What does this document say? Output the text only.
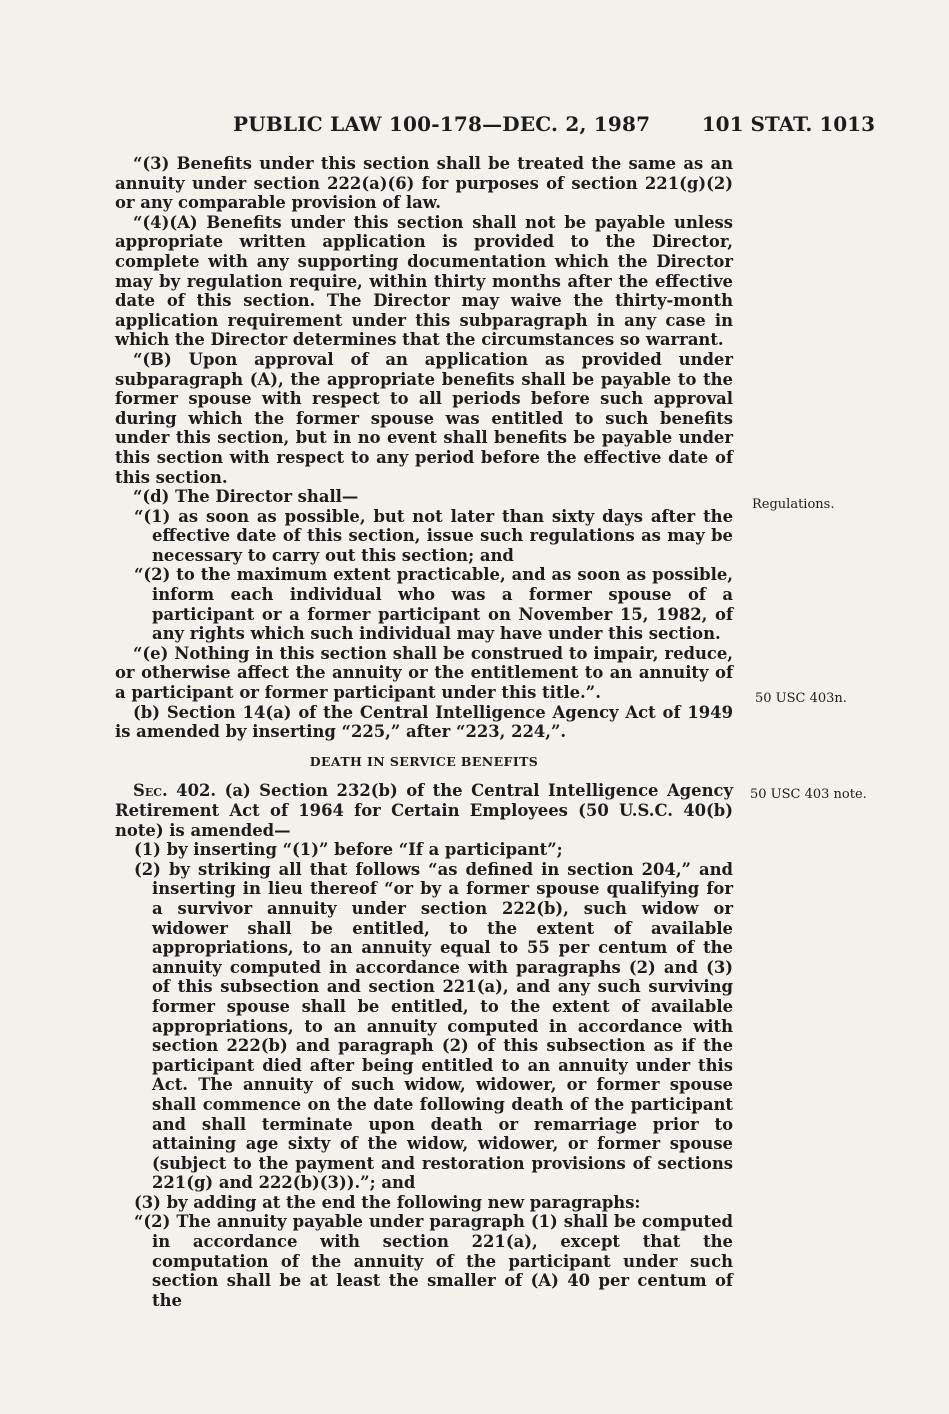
PUBLIC LAW 100-178—DEC. 2, 1987	101 STAT. 1013

“(3) Benefits under this section shall be treated the same as an annuity under section 222(a)(6) for purposes of section 221(g)(2) or any comparable provision of law.

“(4)(A) Benefits under this section shall not be payable unless appropriate written application is provided to the Director, complete with any supporting documentation which the Director may by regulation require, within thirty months after the effective date of this section. The Director may waive the thirty-month application requirement under this subparagraph in any case in which the Director determines that the circumstances so warrant.

“(B) Upon approval of an application as provided under subparagraph (A), the appropriate benefits shall be payable to the former spouse with respect to all periods before such approval during which the former spouse was entitled to such benefits under this section, but in no event shall benefits be payable under this section with respect to any period before the effective date of this section.

“(d) The Director shall—

“(1) as soon as possible, but not later than sixty days after the effective date of this section, issue such regulations as may be necessary to carry out this section; and

“(2) to the maximum extent practicable, and as soon as possible, inform each individual who was a former spouse of a participant or a former participant on November 15, 1982, of any rights which such individual may have under this section.

“(e) Nothing in this section shall be construed to impair, reduce, or otherwise affect the annuity or the entitlement to an annuity of a participant or former participant under this title.”.

(b) Section 14(a) of the Central Intelligence Agency Act of 1949 is amended by inserting “225,” after “223, 224,”.

DEATH IN SERVICE BENEFITS

Sec. 402. (a) Section 232(b) of the Central Intelligence Agency Retirement Act of 1964 for Certain Employees (50 U.S.C. 40(b) note) is amended—

(1) by inserting “(1)” before “If a participant”;

(2) by striking all that follows “as defined in section 204,” and inserting in lieu thereof “or by a former spouse qualifying for a survivor annuity under section 222(b), such widow or widower shall be entitled, to the extent of available appropriations, to an annuity equal to 55 per centum of the annuity computed in accordance with paragraphs (2) and (3) of this subsection and section 221(a), and any such surviving former spouse shall be entitled, to the extent of available appropriations, to an annuity computed in accordance with section 222(b) and paragraph (2) of this subsection as if the participant died after being entitled to an annuity under this Act. The annuity of such widow, widower, or former spouse shall commence on the date following death of the participant and shall terminate upon death or remarriage prior to attaining age sixty of the widow, widower, or former spouse (subject to the payment and restoration provisions of sections 221(g) and 222(b)(3)).”; and

(3) by adding at the end the following new paragraphs:

“(2) The annuity payable under paragraph (1) shall be computed in accordance with section 221(a), except that the computation of the annuity of the participant under such section shall be at least the smaller of (A) 40 per centum of the

Regulations.
50 USC 403n.
50 USC 403 note.
